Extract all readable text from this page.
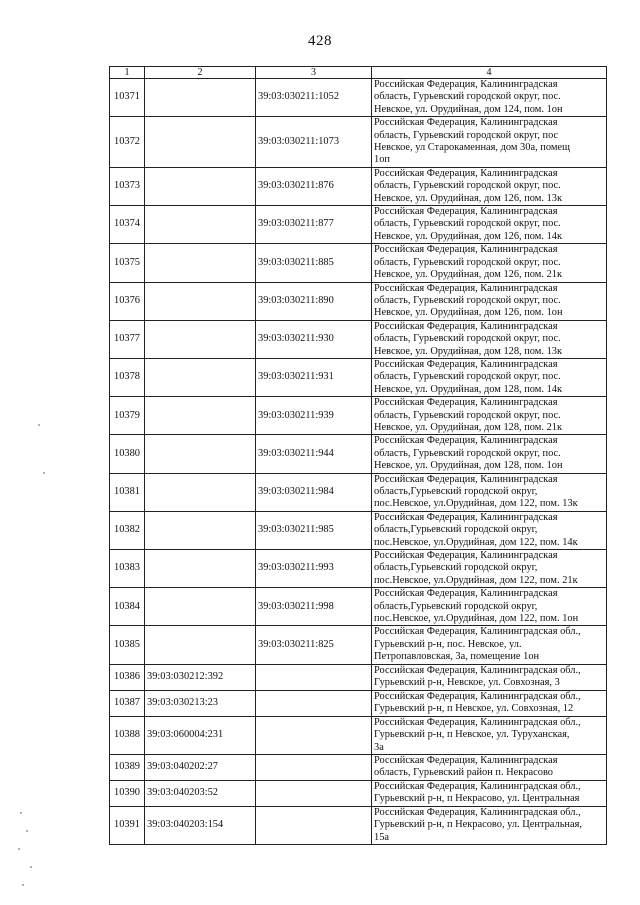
428
1	2	3	4
10371		39:03:030211:1052	Российская Федерация, Калининградская
область, Гурьевский городской округ, пос.
Невское, ул. Орудийная, дом 124, пом. 1он

10372		39:03:030211:1073	Российская Федерация, Калининградская
область, Гурьевский городской округ, пос
Невское, ул Старокаменная, дом 30а, помещ
1оп

10373		39:03:030211:876	Российская Федерация, Калининградская
область, Гурьевский городской округ, пос.
Невское, ул. Орудийная, дом 126, пом. 13к

10374		39:03:030211:877	Российская Федерация, Калининградская
область, Гурьевский городской округ, пос.
Невское, ул. Орудийная, дом 126, пом. 14к

10375		39:03:030211:885	Российская Федерация, Калининградская
область, Гурьевский городской округ, пос.
Невское, ул. Орудийная, дом 126, пом. 21к

10376		39:03:030211:890	Российская Федерация, Калининградская
область, Гурьевский городской округ, пос.
Невское, ул. Орудийная, дом 126, пом. 1он

10377		39:03:030211:930	Российская Федерация, Калининградская
область, Гурьевский городской округ, пос.
Невское, ул. Орудийная, дом 128, пом. 13к

10378		39:03:030211:931	Российская Федерация, Калининградская
область, Гурьевский городской округ, пос.
Невское, ул. Орудийная, дом 128, пом. 14к

10379		39:03:030211:939	Российская Федерация, Калининградская
область, Гурьевский городской округ, пос.
Невское, ул. Орудийная, дом 128, пом. 21к

10380		39:03:030211:944	Российская Федерация, Калининградская
область, Гурьевский городской округ, пос.
Невское, ул. Орудийная, дом 128, пом. 1он

10381		39:03:030211:984	Российская Федерация, Калининградская
область,Гурьевский городской округ,
пос.Невское, ул.Орудийная, дом 122, пом. 13к

10382		39:03:030211:985	Российская Федерация, Калининградская
область,Гурьевский городской округ,
пос.Невское, ул.Орудийная, дом 122, пом. 14к

10383		39:03:030211:993	Российская Федерация, Калининградская
область,Гурьевский городской округ,
пос.Невское, ул.Орудийная, дом 122, пом. 21к

10384		39:03:030211:998	Российская Федерация, Калининградская
область,Гурьевский городской округ,
пос.Невское, ул.Орудийная, дом 122, пом. 1он

10385		39:03:030211:825	Российская Федерация, Калининградская обл.,
Гурьевский р-н, пос. Невское, ул.
Петропавловская, 3а, помещение 1он

10386	39:03:030212:392		Российская Федерация, Калининградская обл.,
Гурьевский р-н, Невское, ул. Совхозная, 3

10387	39:03:030213:23		Российская Федерация, Калининградская обл.,
Гурьевский р-н, п Невское, ул. Совхозная, 12

10388	39:03:060004:231		Российская Федерация, Калининградская обл.,
Гурьевский р-н, п Невское, ул. Туруханская,
3а

10389	39:03:040202:27		Российская Федерация, Калининградская
область, Гурьевский район п. Некрасово

10390	39:03:040203:52		Российская Федерация, Калининградская обл.,
Гурьевский р-н, п Некрасово, ул. Центральная

10391	39:03:040203:154		Российская Федерация, Калининградская обл.,
Гурьевский р-н, п Некрасово, ул. Центральная,
15а
